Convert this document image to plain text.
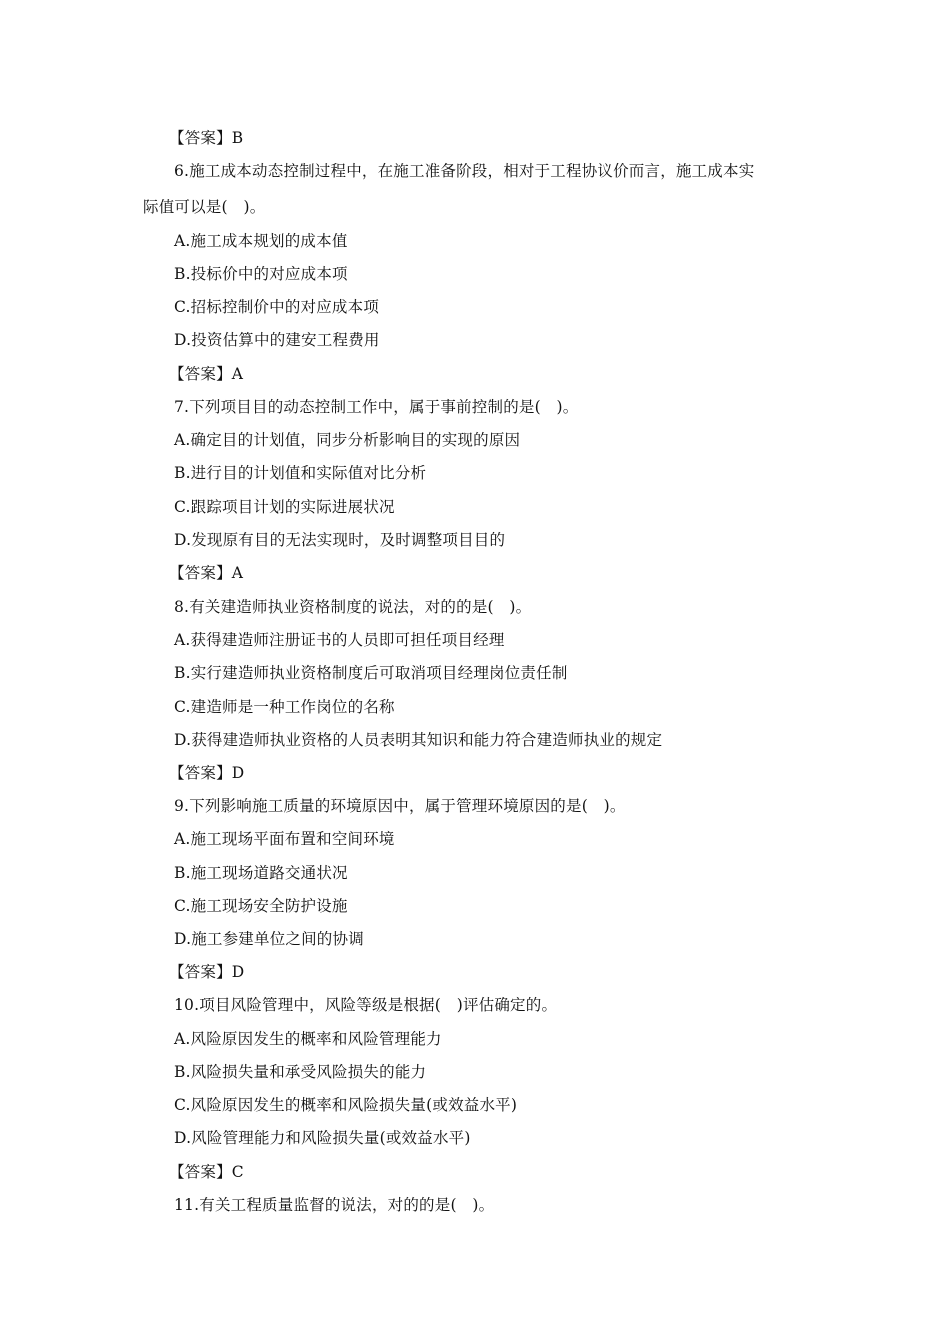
【答案】B
6.施工成本动态控制过程中，在施工准备阶段，相对于工程协议价而言，施工成本实
际值可以是(　)。
A.施工成本规划的成本值
B.投标价中的对应成本项
C.招标控制价中的对应成本项
D.投资估算中的建安工程费用
【答案】A
7.下列项目目的动态控制工作中，属于事前控制的是(　)。
A.确定目的计划值，同步分析影响目的实现的原因
B.进行目的计划值和实际值对比分析
C.跟踪项目计划的实际进展状况
D.发现原有目的无法实现时，及时调整项目目的
【答案】A
8.有关建造师执业资格制度的说法，对的的是(　)。
A.获得建造师注册证书的人员即可担任项目经理
B.实行建造师执业资格制度后可取消项目经理岗位责任制
C.建造师是一种工作岗位的名称
D.获得建造师执业资格的人员表明其知识和能力符合建造师执业的规定
【答案】D
9.下列影响施工质量的环境原因中，属于管理环境原因的是(　)。
A.施工现场平面布置和空间环境
B.施工现场道路交通状况
C.施工现场安全防护设施
D.施工参建单位之间的协调
【答案】D
10.项目风险管理中，风险等级是根据(　)评估确定的。
A.风险原因发生的概率和风险管理能力
B.风险损失量和承受风险损失的能力
C.风险原因发生的概率和风险损失量(或效益水平)
D.风险管理能力和风险损失量(或效益水平)
【答案】C
11.有关工程质量监督的说法，对的的是(　)。
